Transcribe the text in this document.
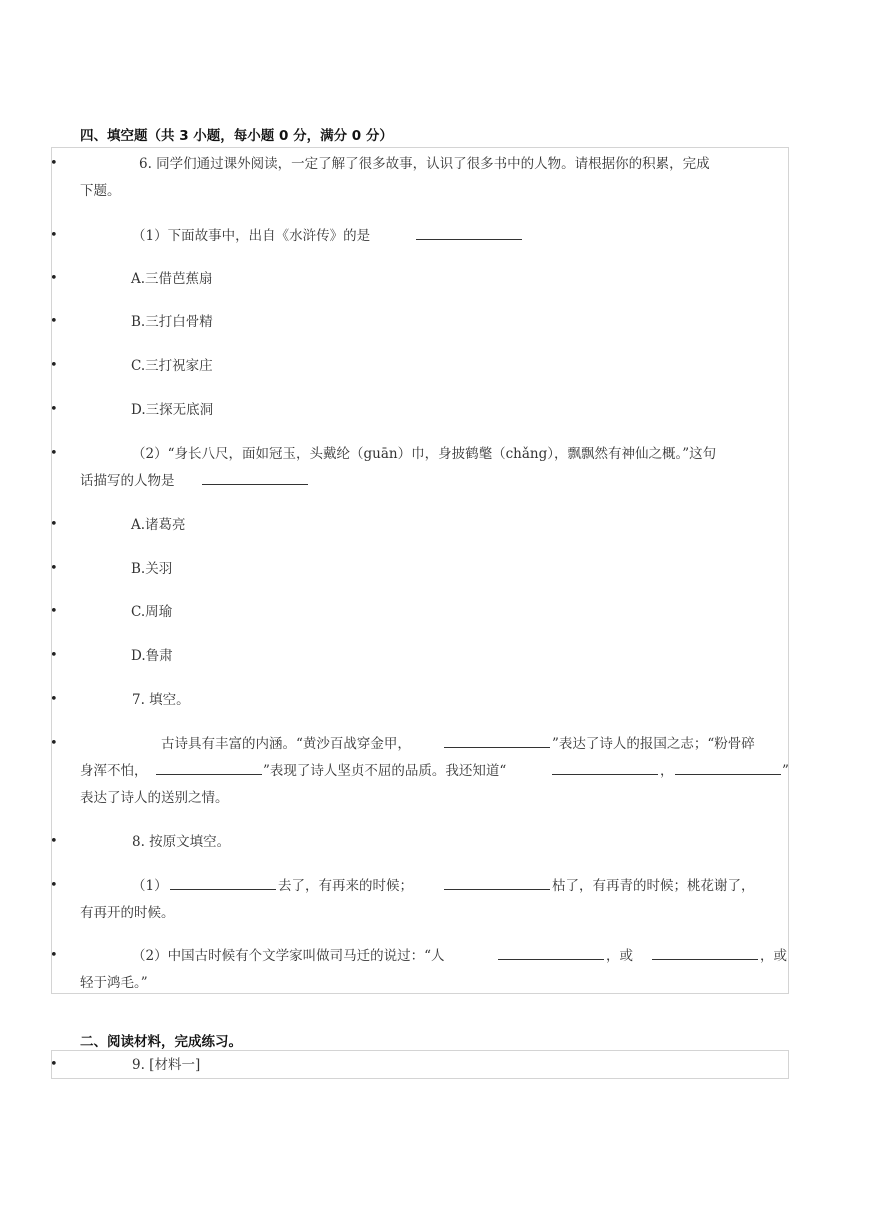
四、填空题（共 3 小题，每小题 0 分，满分 0 分）
•	6. 同学们通过课外阅读，一定了解了很多故事，认识了很多书中的人物。请根据你的积累，完成
下题。
•	（1）下面故事中，出自《水浒传》的是
•	A.三借芭蕉扇
•	B.三打白骨精
•	C.三打祝家庄
•	D.三探无底洞
•	（2）“身长八尺，面如冠玉，头戴纶（guān）巾，身披鹤氅（chǎng），飘飘然有神仙之概。”这句
话描写的人物是
•	A.诸葛亮
•	B.关羽
•	C.周瑜
•	D.鲁肃
•	7. 填空。
•	古诗具有丰富的内涵。“黄沙百战穿金甲，	”表达了诗人的报国之志；“粉骨碎
身浑不怕，	”表现了诗人坚贞不屈的品质。我还知道“	，	”
表达了诗人的送别之情。
•	8. 按原文填空。
•	（1）	去了，有再来的时候；	枯了，有再青的时候；桃花谢了，
有再开的时候。
•	（2）中国古时候有个文学家叫做司马迁的说过：“人	，或	，或
轻于鸿毛。”
二、阅读材料，完成练习。
•	9. [材料一]
